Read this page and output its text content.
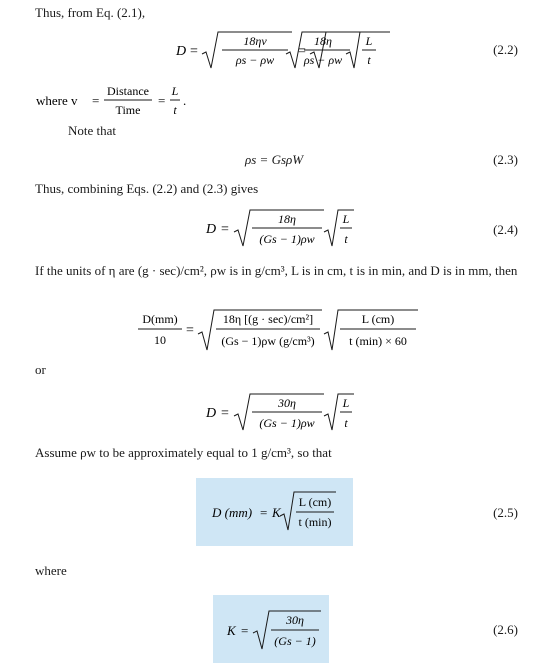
Thus, from Eq. (2.1),
D =
18ηv
ρs − ρw
=
18η
ρs − ρw
L
t
(2.2)
where v =
Distance
Time
=
L
t
.
Note that
ρs = GsρW	(2.3)
Thus, combining Eqs. (2.2) and (2.3) gives
D =
18η
(Gs − 1)ρw
L
t
(2.4)
If the units of η are (g · sec)/cm², ρw is in g/cm³, L is in cm, t is in min, and D is in mm, then
D(mm)
10
=
18η [(g · sec)/cm²]
(Gs − 1)ρw (g/cm³)
L (cm)
t (min) × 60
or
D =
30η
(Gs − 1)ρw
L
t
Assume ρw to be approximately equal to 1 g/cm³, so that
D (mm) = K
L (cm)
t (min)
(2.5)
where
K =
30η
(Gs − 1)
(2.6)
